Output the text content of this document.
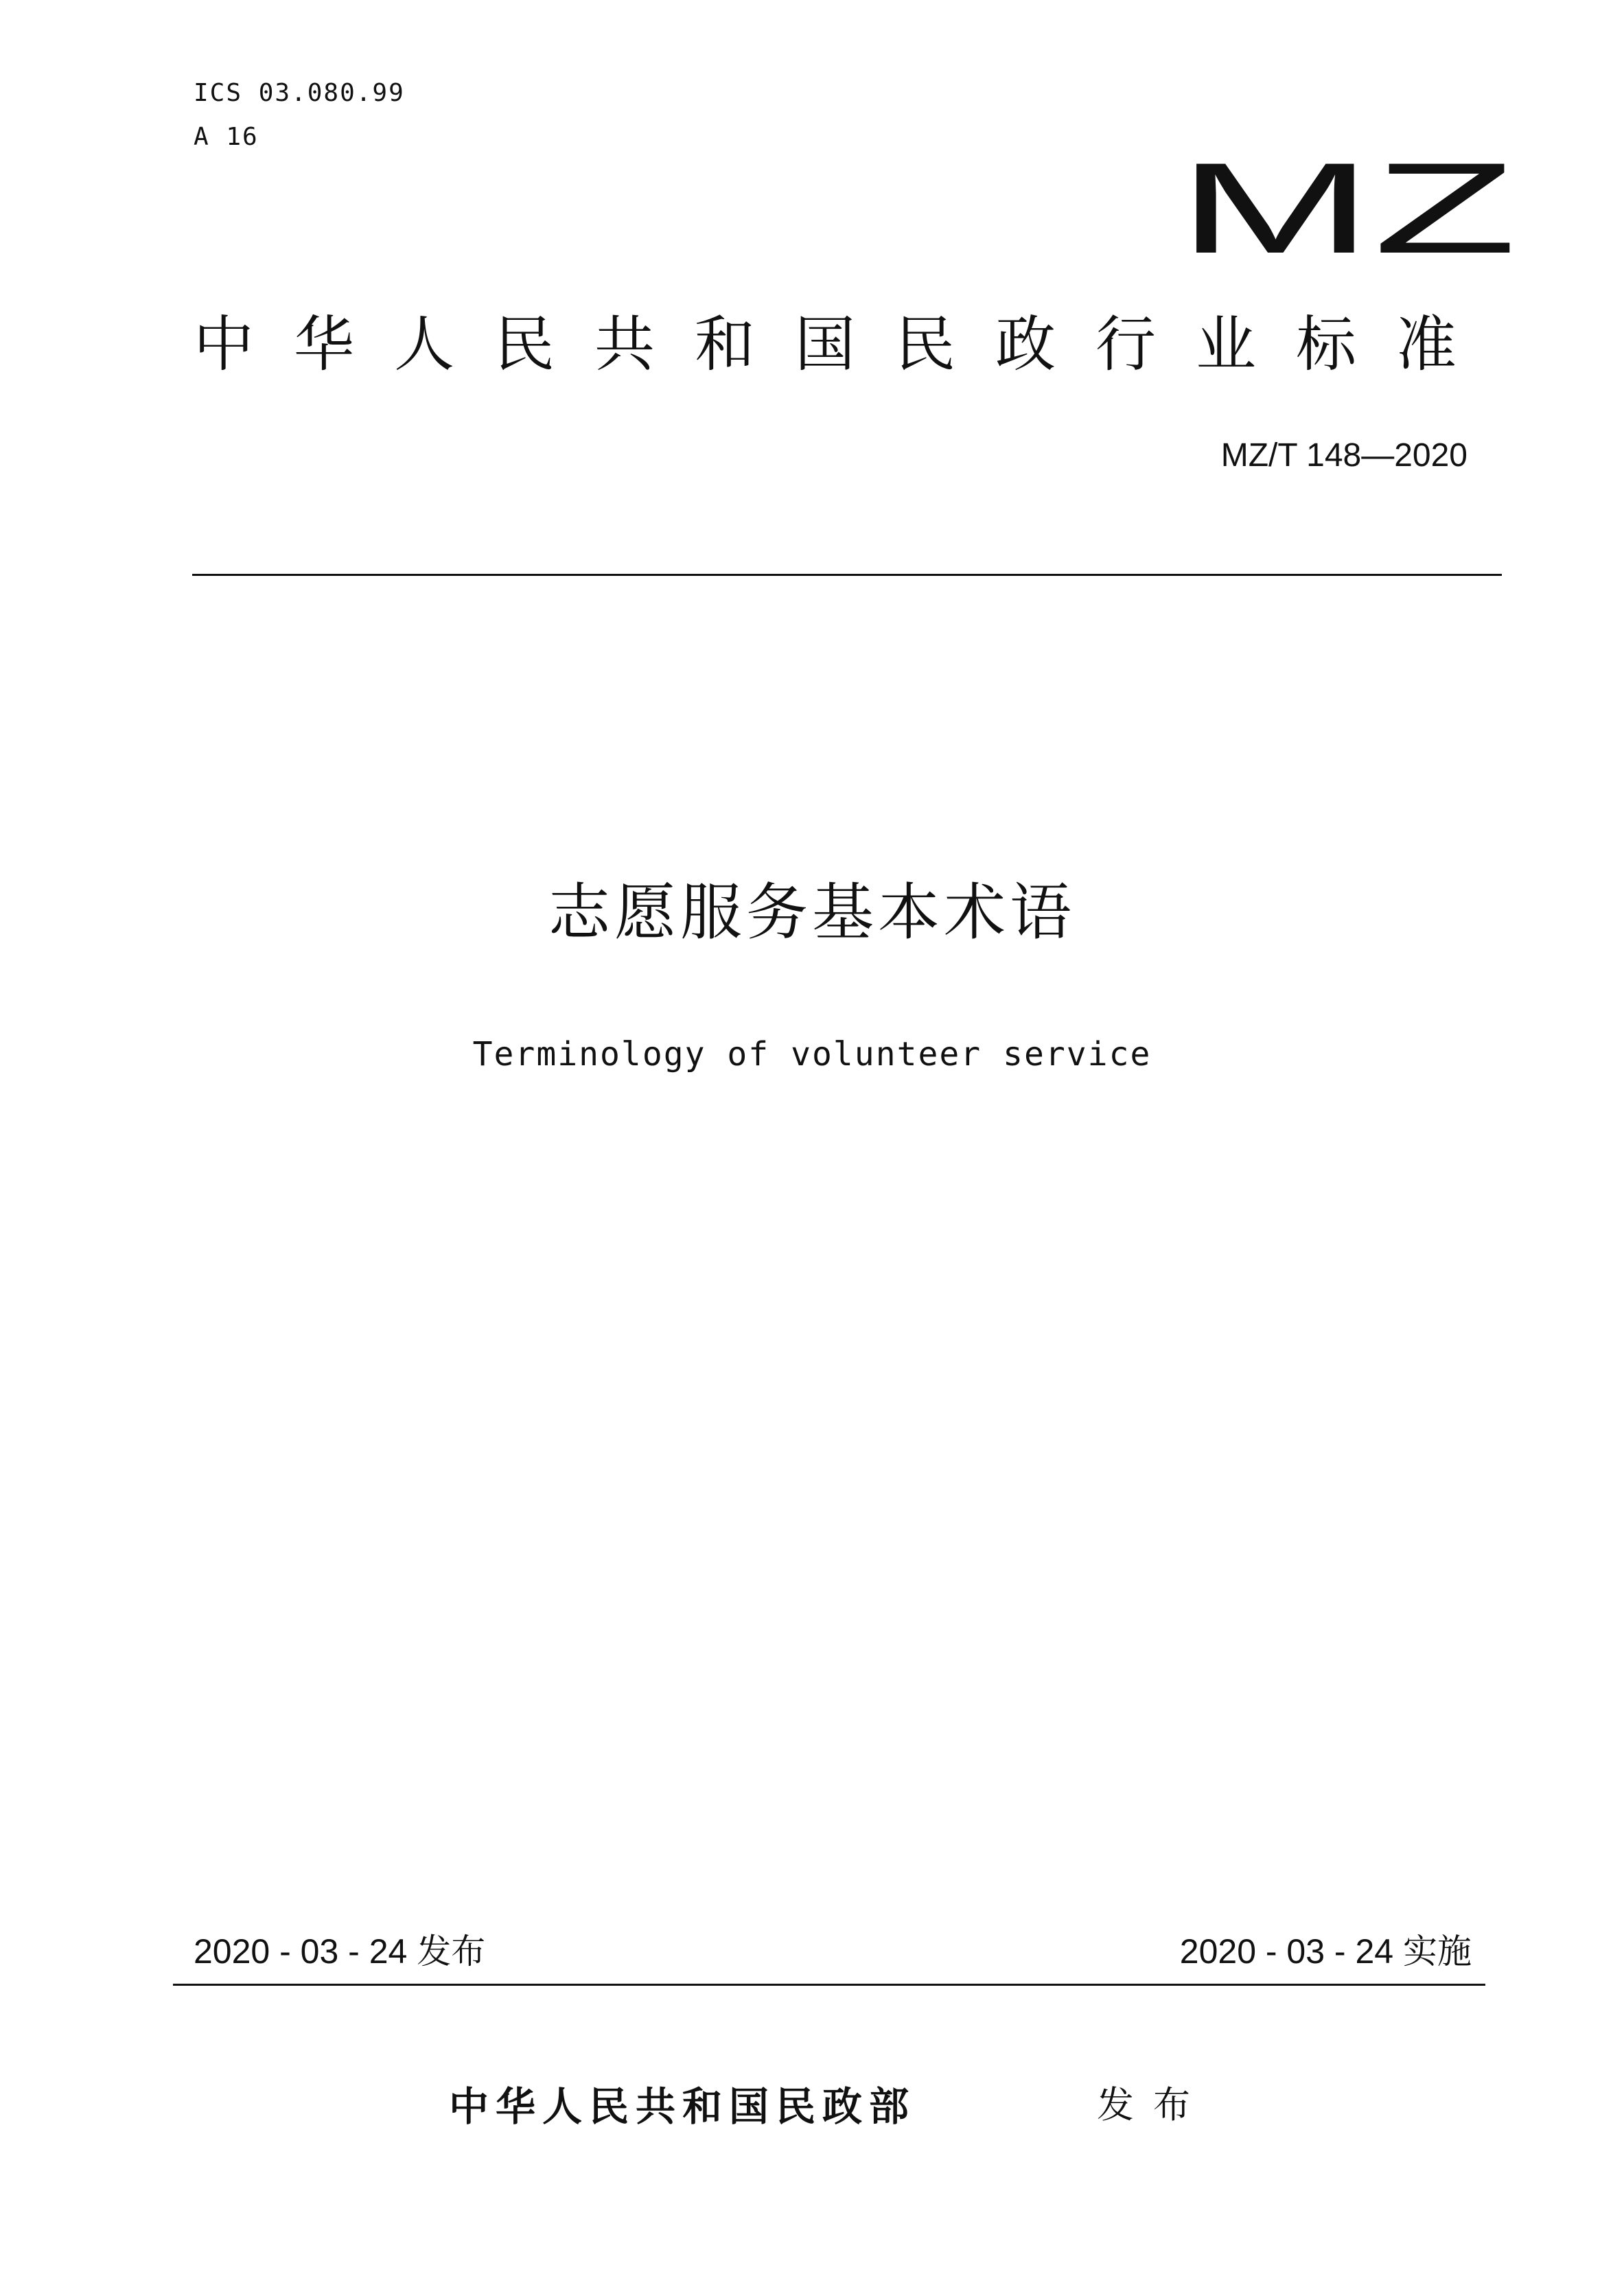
ICS 03.080.99
A 16	MZ
中华人民共和国民政行业标准
MZ/T 148—2020
志愿服务基本术语
Terminology of volunteer service
2020 - 03 - 24 发布	2020 - 03 - 24 实施
中华人民共和国民政部	发布
